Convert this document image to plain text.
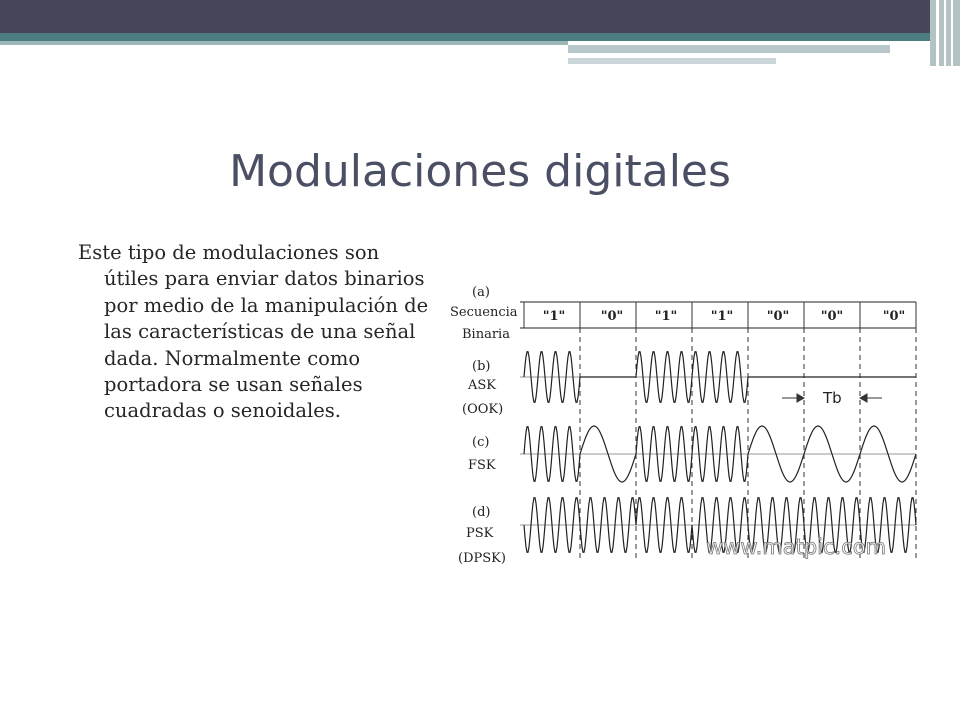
Modulaciones digitales
Este tipo de modulaciones son útiles para enviar datos binarios por medio de la manipulación de las características de una señal dada. Normalmente como portadora se usan señales cuadradas o senoidales.
(a)
Secuencia
Binaria
(b)
ASK
(OOK)
(c)
FSK
(d)
PSK
(DPSK)
"1"	"0" "1"	"1"	"0" "0"	"0"
Tb
www.matpic.com
